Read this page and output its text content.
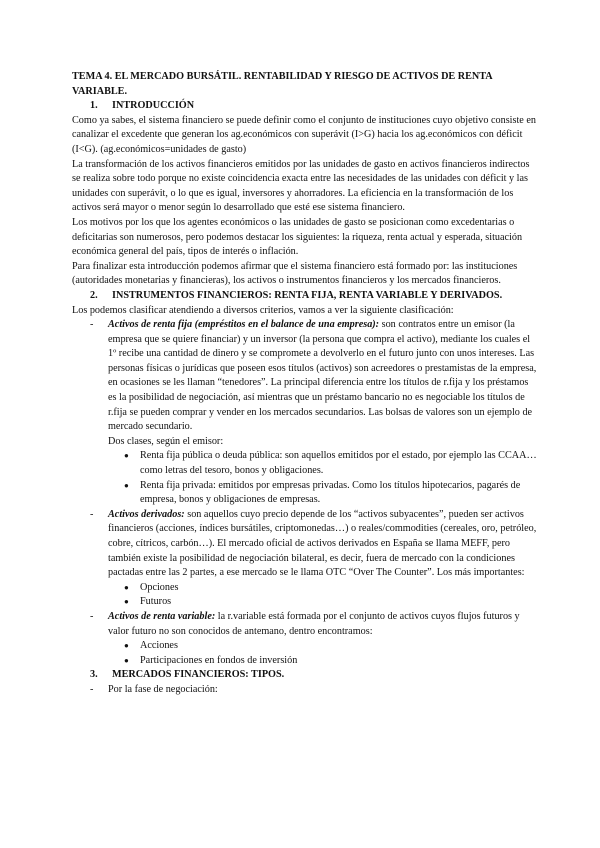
TEMA 4. EL MERCADO BURSÁTIL. RENTABILIDAD Y RIESGO DE ACTIVOS DE RENTA VARIABLE.

1.	INTRODUCCIÓN

Como ya sabes, el sistema financiero se puede definir como el conjunto de instituciones cuyo objetivo consiste en canalizar el excedente que generan los ag.económicos con superávit (I>G) hacia los ag.económicos con déficit (I<G). (ag.económicos=unidades de gasto)

La transformación de los activos financieros emitidos por las unidades de gasto en activos financieros indirectos se realiza sobre todo porque no existe coincidencia exacta entre las necesidades de las unidades con déficit y las unidades con superávit, o lo que es igual, inversores y ahorradores. La eficiencia en la transformación de los activos será mayor o menor según lo desarrollado que esté ese sistema financiero.

Los motivos por los que los agentes económicos o las unidades de gasto se posicionan como excedentarias o deficitarias son numerosos, pero podemos destacar los siguientes: la riqueza, renta actual y esperada, situación económica general del país, tipos de interés o inflación.

Para finalizar esta introducción podemos afirmar que el sistema financiero está formado por: las instituciones (autoridades monetarias y financieras), los activos o instrumentos financieros y los mercados financieros.

2.	INSTRUMENTOS FINANCIEROS: RENTA FIJA, RENTA VARIABLE Y DERIVADOS.

Los podemos clasificar atendiendo a diversos criterios, vamos a ver la siguiente clasificación:

-	Activos de renta fija (empréstitos en el balance de una empresa): son contratos entre un emisor (la empresa que se quiere financiar) y un inversor (la persona que compra el activo), mediante los cuales el 1º recibe una cantidad de dinero y se compromete a devolverlo en el futuro junto con unos intereses. Las personas físicas o jurídicas que poseen esos títulos (activos) son acreedores o prestamistas de la empresa, en ocasiones se les llaman “tenedores”. La principal diferencia entre los títulos de r.fija y los préstamos es la posibilidad de negociación, así mientras que un préstamo bancario no es negociable los títulos de r.fija se pueden comprar y vender en los mercados secundarios. Las bolsas de valores son un ejemplo de mercado secundario.

Dos clases, según el emisor:

●	Renta fija pública o deuda pública: son aquellos emitidos por el estado, por ejemplo las CCAA… como letras del tesoro, bonos y obligaciones.
●	Renta fija privada: emitidos por empresas privadas. Como los títulos hipotecarios, pagarés de empresa, bonos y obligaciones de empresas.
-	Activos derivados: son aquellos cuyo precio depende de los “activos subyacentes”, pueden ser activos financieros (acciones, índices bursátiles, criptomonedas…) o reales/commodities (cereales, oro, petróleo, cobre, cítricos, carbón…). El mercado oficial de activos derivados en España se llama MEFF, pero también existe la posibilidad de negociación bilateral, es decir, fuera de mercado con la condiciones pactadas entre las 2 partes, a ese mercado se le llama OTC “Over The Counter”. Los más importantes:
●	Opciones
●	Futuros
-	Activos de renta variable: la r.variable está formada por el conjunto de activos cuyos flujos futuros y valor futuro no son conocidos de antemano, dentro encontramos:
●	Acciones
●	Participaciones en fondos de inversión
3.	MERCADOS FINANCIEROS: TIPOS.
-	Por la fase de negociación:
